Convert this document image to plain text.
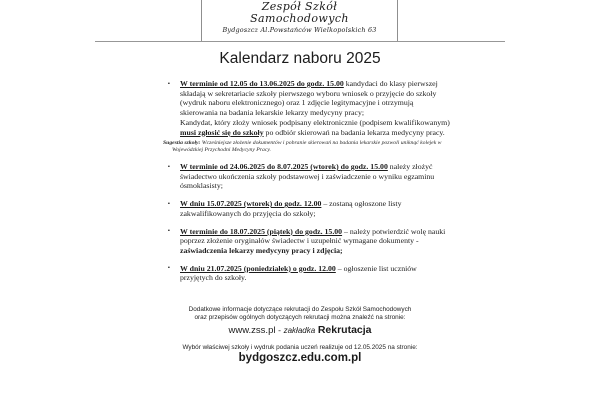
Zespół Szkół
Samochodowych
Bydgoszcz Al.Powstańców Wielkopolskich 63
Kalendarz naboru 2025
▪ W terminie od 12.05 do 13.06.2025 do godz. 15.00 kandydaci do klasy pierwszej składają w sekretariacie szkoły pierwszego wyboru wniosek o przyjęcie do szkoły (wydruk naboru elektronicznego) oraz 1 zdjęcie legitymacyjne i otrzymują skierowania na badania lekarskie lekarzy medycyny pracy;
Kandydat, który złoży wniosek podpisany elektronicznie (podpisem kwalifikowanym) musi zgłosić się do szkoły po odbiór skierowań na badania lekarza medycyny pracy.
Sugestia szkoły: Wcześniejsze złożenie dokumentów i pobranie skierowań na badania lekarskie pozwoli uniknąć kolejek w Wojewódzkiej Przychodni Medycyny Pracy.
▪ W terminie od 24.06.2025 do 8.07.2025 (wtorek) do godz. 15.00 należy złożyć świadectwo ukończenia szkoły podstawowej i zaświadczenie o wyniku egzaminu ósmoklasisty;
▪ W dniu 15.07.2025 (wtorek) do godz. 12.00 – zostaną ogłoszone listy zakwalifikowanych do przyjęcia do szkoły;
▪ W terminie do 18.07.2025 (piątek) do godz. 15.00 – należy potwierdzić wolę nauki poprzez złożenie oryginałów świadectw i uzupełnić wymagane dokumenty - zaświadczenia lekarzy medycyny pracy i zdjęcia;
▪ W dniu 21.07.2025 (poniedziałek) o godz. 12.00 – ogłoszenie list uczniów przyjętych do szkoły.
Dodatkowe informacje dotyczące rekrutacji do Zespołu Szkół Samochodowych
oraz przepisów ogólnych dotyczących rekrutacji można znaleźć na stronie:
www.zss.pl - zakładka Rekrutacja
Wybór właściwej szkoły i wydruk podania uczeń realizuje od 12.05.2025 na stronie:
bydgoszcz.edu.com.pl
